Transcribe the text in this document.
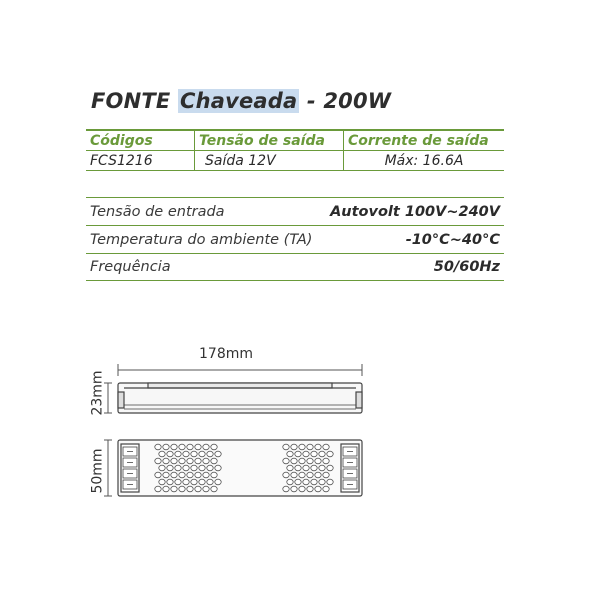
FONTE Chaveada - 200W
Códigos	Tensão de saída	Corrente de saída
FCS1216	Saída 12V	Máx: 16.6A
Tensão de entrada	Autovolt 100V~240V
Temperatura do ambiente (TA)	-10°C~40°C
Frequência	50/60Hz
178mm
23mm
50mm
